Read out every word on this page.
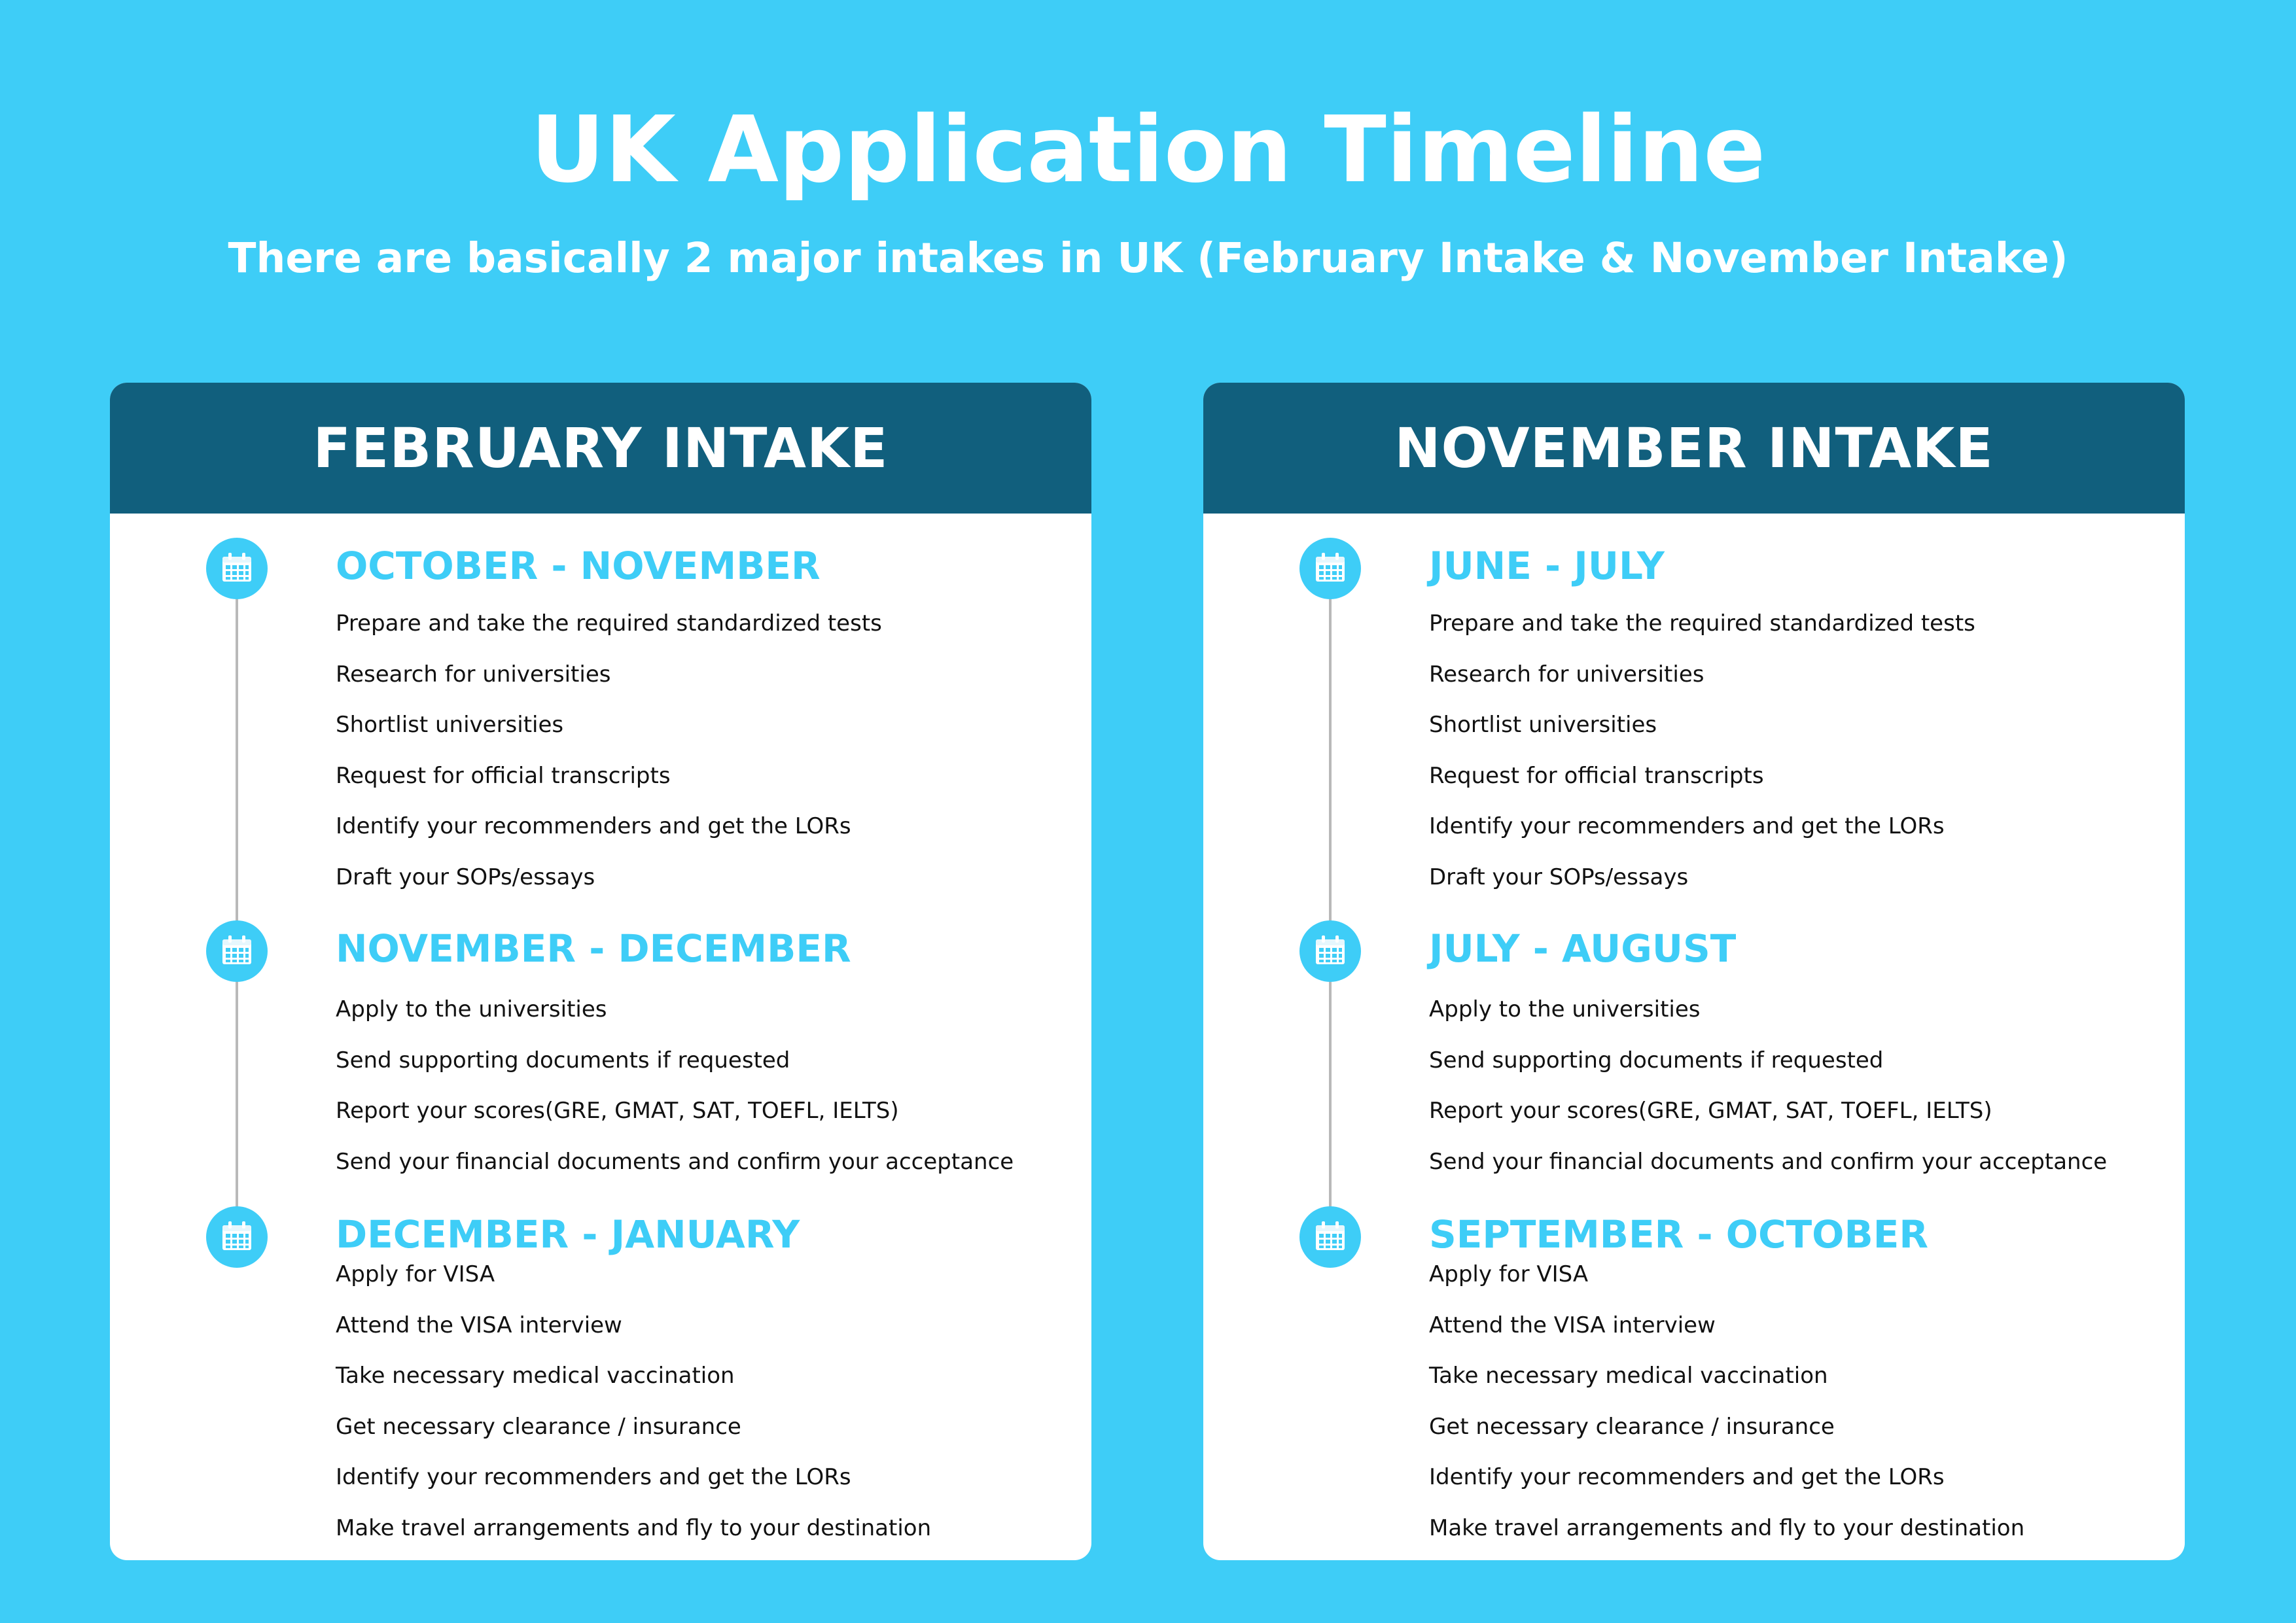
UK Application Timeline
There are basically 2 major intakes in UK (February Intake & November Intake)
FEBRUARY INTAKE
OCTOBER - NOVEMBER
Prepare and take the required standardized tests
Research for universities
Shortlist universities
Request for official transcripts
Identify your recommenders and get the LORs
Draft your SOPs/essays
NOVEMBER - DECEMBER
Apply to the universities
Send supporting documents if requested
Report your scores(GRE, GMAT, SAT, TOEFL, IELTS)
Send your financial documents and confirm your acceptance
DECEMBER - JANUARY
Apply for VISA
Attend the VISA interview
Take necessary medical vaccination
Get necessary clearance / insurance
Identify your recommenders and get the LORs
Make travel arrangements and fly to your destination
NOVEMBER INTAKE
JUNE - JULY
Prepare and take the required standardized tests
Research for universities
Shortlist universities
Request for official transcripts
Identify your recommenders and get the LORs
Draft your SOPs/essays
JULY - AUGUST
Apply to the universities
Send supporting documents if requested
Report your scores(GRE, GMAT, SAT, TOEFL, IELTS)
Send your financial documents and confirm your acceptance
SEPTEMBER - OCTOBER
Apply for VISA
Attend the VISA interview
Take necessary medical vaccination
Get necessary clearance / insurance
Identify your recommenders and get the LORs
Make travel arrangements and fly to your destination
